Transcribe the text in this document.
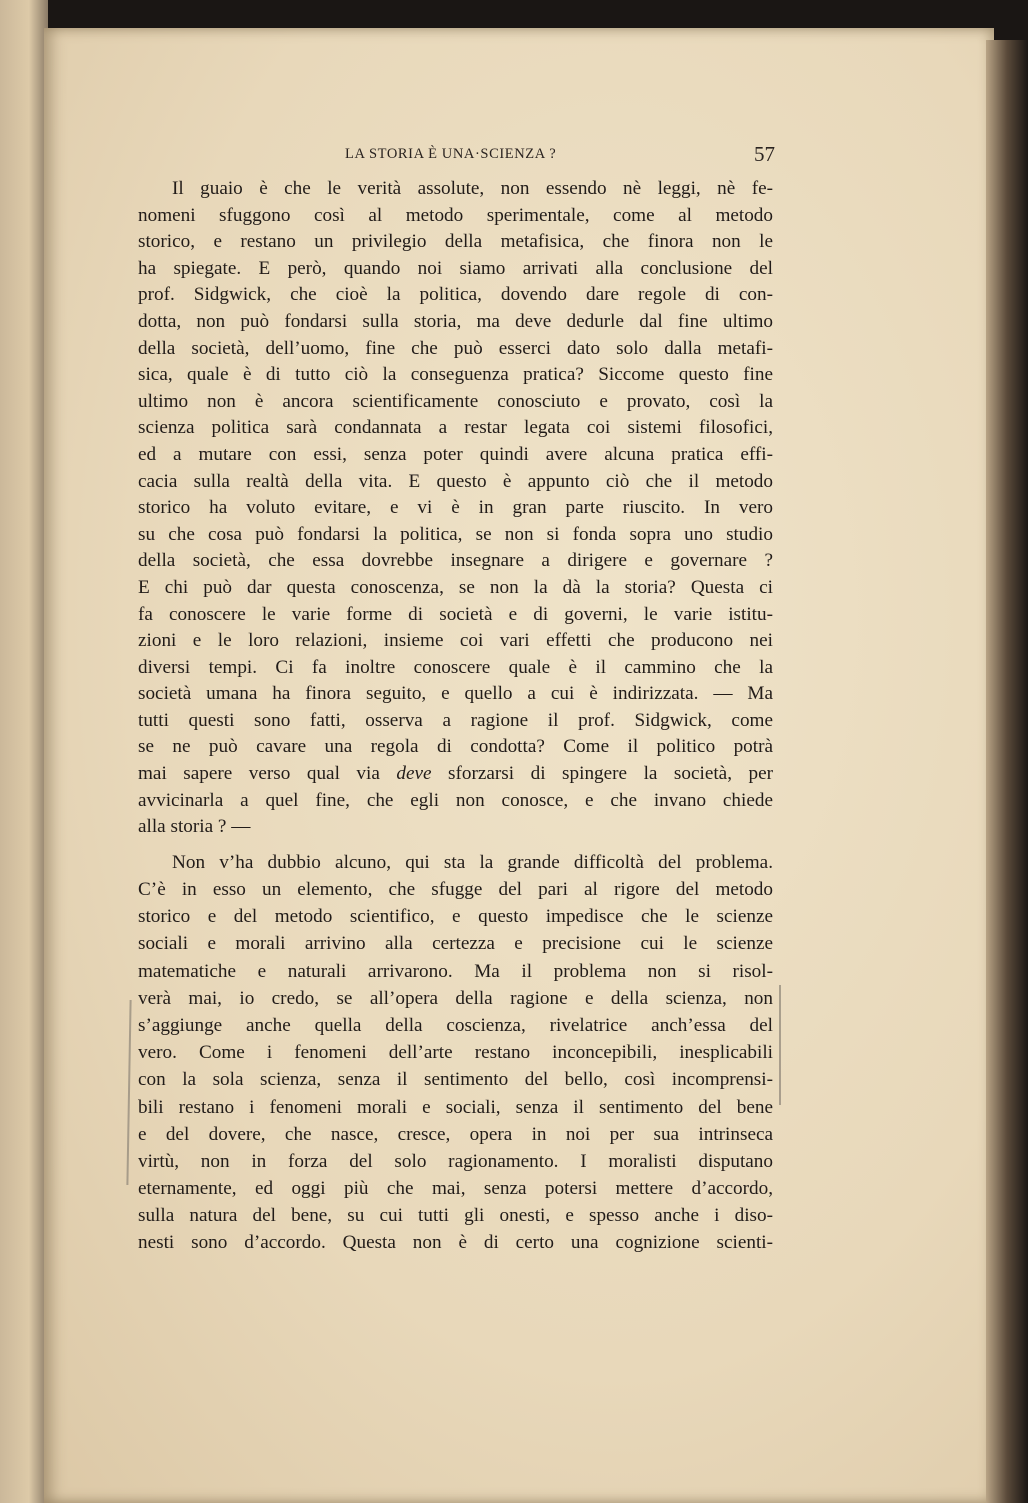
LA STORIA È UNA·SCIENZA ?	57
Il guaio è che le verità assolute, non essendo nè leggi, nè fe-
nomeni sfuggono così al metodo sperimentale, come al metodo
storico, e restano un privilegio della metafisica, che finora non le
ha spiegate. E però, quando noi siamo arrivati alla conclusione del
prof. Sidgwick, che cioè la politica, dovendo dare regole di con-
dotta, non può fondarsi sulla storia, ma deve dedurle dal fine ultimo
della società, dell’uomo, fine che può esserci dato solo dalla metafi-
sica, quale è di tutto ciò la conseguenza pratica? Siccome questo fine
ultimo non è ancora scientificamente conosciuto e provato, così la
scienza politica sarà condannata a restar legata coi sistemi filosofici,
ed a mutare con essi, senza poter quindi avere alcuna pratica effi-
cacia sulla realtà della vita. E questo è appunto ciò che il metodo
storico ha voluto evitare, e vi è in gran parte riuscito. In vero
su che cosa può fondarsi la politica, se non si fonda sopra uno studio
della società, che essa dovrebbe insegnare a dirigere e governare ?
E chi può dar questa conoscenza, se non la dà la storia? Questa ci
fa conoscere le varie forme di società e di governi, le varie istitu-
zioni e le loro relazioni, insieme coi vari effetti che producono nei
diversi tempi. Ci fa inoltre conoscere quale è il cammino che la
società umana ha finora seguito, e quello a cui è indirizzata. — Ma
tutti questi sono fatti, osserva a ragione il prof. Sidgwick, come
se ne può cavare una regola di condotta? Come il politico potrà
mai sapere verso qual via deve sforzarsi di spingere la società, per
avvicinarla a quel fine, che egli non conosce, e che invano chiede
alla storia ? —
Non v’ha dubbio alcuno, qui sta la grande difficoltà del problema.
C’è in esso un elemento, che sfugge del pari al rigore del metodo
storico e del metodo scientifico, e questo impedisce che le scienze
sociali e morali arrivino alla certezza e precisione cui le scienze
matematiche e naturali arrivarono. Ma il problema non si risol-
verà mai, io credo, se all’opera della ragione e della scienza, non
s’aggiunge anche quella della coscienza, rivelatrice anch’essa del
vero. Come i fenomeni dell’arte restano inconcepibili, inesplicabili
con la sola scienza, senza il sentimento del bello, così incomprensi-
bili restano i fenomeni morali e sociali, senza il sentimento del bene
e del dovere, che nasce, cresce, opera in noi per sua intrinseca
virtù, non in forza del solo ragionamento. I moralisti disputano
eternamente, ed oggi più che mai, senza potersi mettere d’accordo,
sulla natura del bene, su cui tutti gli onesti, e spesso anche i diso-
nesti sono d’accordo. Questa non è di certo una cognizione scienti-
